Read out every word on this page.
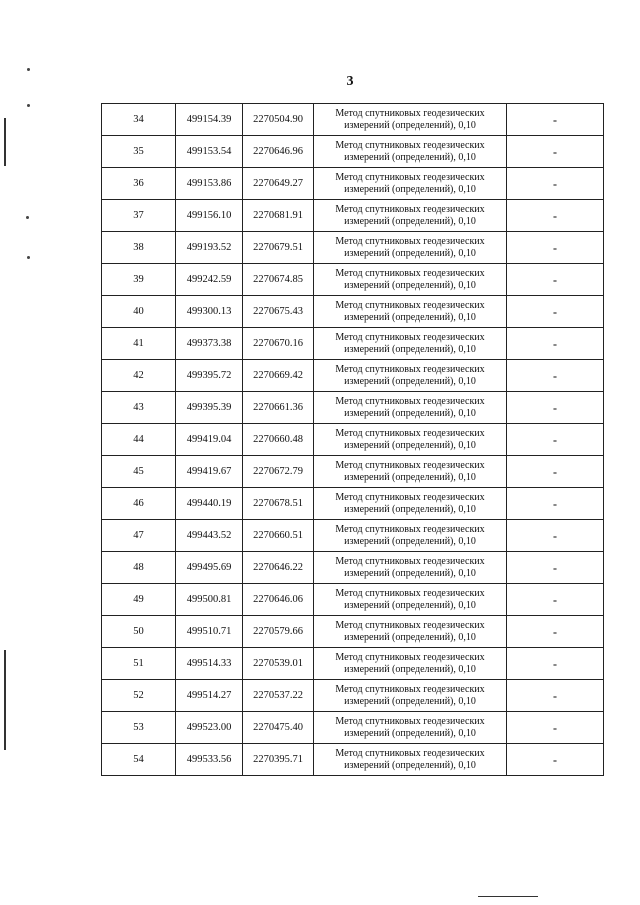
3
34	499154.39	2270504.90	Метод спутниковых геодезических измерений (определений), 0,10	-
35	499153.54	2270646.96	Метод спутниковых геодезических измерений (определений), 0,10	-
36	499153.86	2270649.27	Метод спутниковых геодезических измерений (определений), 0,10	-
37	499156.10	2270681.91	Метод спутниковых геодезических измерений (определений), 0,10	-
38	499193.52	2270679.51	Метод спутниковых геодезических измерений (определений), 0,10	-
39	499242.59	2270674.85	Метод спутниковых геодезических измерений (определений), 0,10	-
40	499300.13	2270675.43	Метод спутниковых геодезических измерений (определений), 0,10	-
41	499373.38	2270670.16	Метод спутниковых геодезических измерений (определений), 0,10	-
42	499395.72	2270669.42	Метод спутниковых геодезических измерений (определений), 0,10	-
43	499395.39	2270661.36	Метод спутниковых геодезических измерений (определений), 0,10	-
44	499419.04	2270660.48	Метод спутниковых геодезических измерений (определений), 0,10	-
45	499419.67	2270672.79	Метод спутниковых геодезических измерений (определений), 0,10	-
46	499440.19	2270678.51	Метод спутниковых геодезических измерений (определений), 0,10	-
47	499443.52	2270660.51	Метод спутниковых геодезических измерений (определений), 0,10	-
48	499495.69	2270646.22	Метод спутниковых геодезических измерений (определений), 0,10	-
49	499500.81	2270646.06	Метод спутниковых геодезических измерений (определений), 0,10	-
50	499510.71	2270579.66	Метод спутниковых геодезических измерений (определений), 0,10	-
51	499514.33	2270539.01	Метод спутниковых геодезических измерений (определений), 0,10	-
52	499514.27	2270537.22	Метод спутниковых геодезических измерений (определений), 0,10	-
53	499523.00	2270475.40	Метод спутниковых геодезических измерений (определений), 0,10	-
54	499533.56	2270395.71	Метод спутниковых геодезических измерений (определений), 0,10	-
